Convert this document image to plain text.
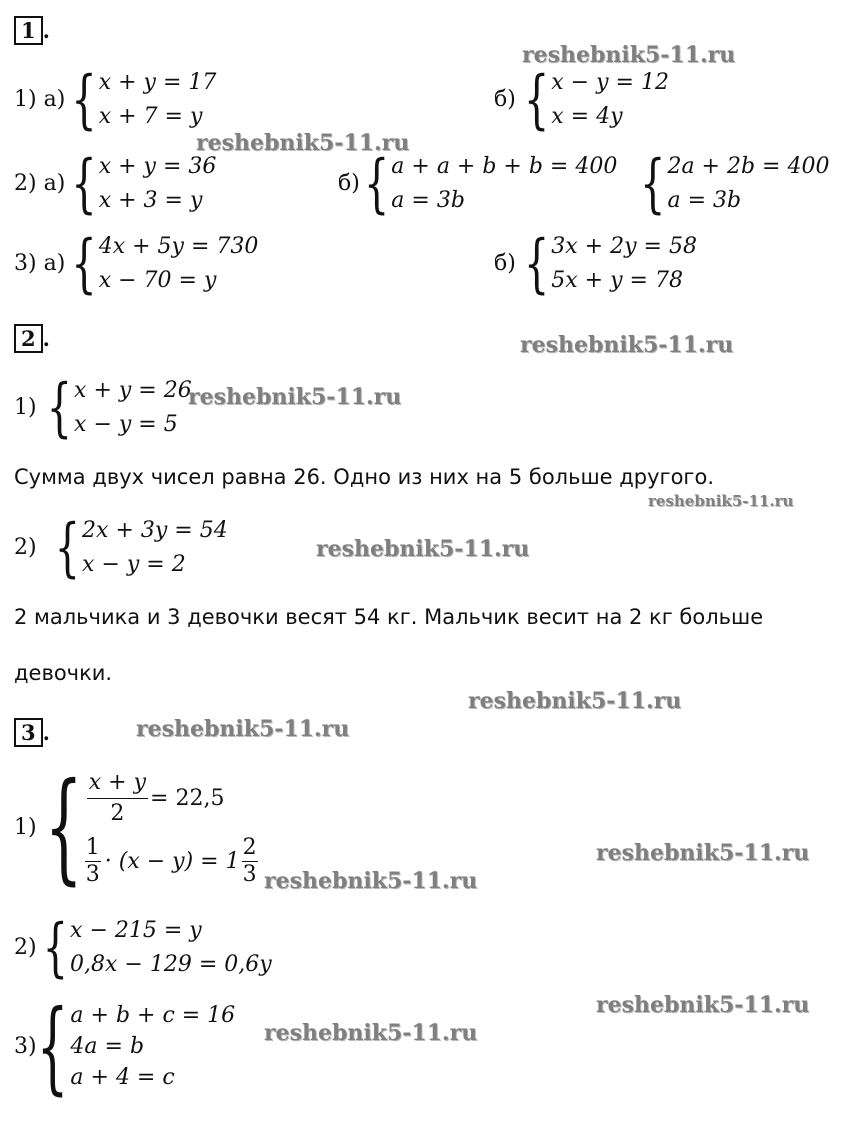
1 .
reshebnik5-11.ru
1) а) { x + y = 17
x + 7 = y
б) { x − y = 12
x = 4y
reshebnik5-11.ru
2) а) { x + y = 36
x + 3 = y
б) { a + a + b + b = 400
a = 3b	{ 2a + 2b = 400
a = 3b
3) а) { 4x + 5y = 730
x − 70 = y
б) { 3x + 2y = 58
5x + y = 78
2 .	reshebnik5-11.ru
1) { x + y = 26
x − y = 5
reshebnik5-11.ru
Сумма двух чисел равна 26. Одно из них на 5 больше другого.
reshebnik5-11.ru
2) { 2x + 3y = 54
x − y = 2
reshebnik5-11.ru
2 мальчика и 3 девочки весят 54 кг. Мальчик весит на 2 кг больше
девочки.
reshebnik5-11.ru
3 .	reshebnik5-11.ru
1) { $\frac{x + y}{2} = 22,5$
$\frac{1}{3} \cdot (x - y) = 1 \frac{2}{3}$	reshebnik5-11.ru
reshebnik5-11.ru
2) { x − 215 = y
0,8x − 129 = 0,6y
reshebnik5-11.ru
3) { a + b + c = 16
4a = b
a + 4 = c
reshebnik5-11.ru
